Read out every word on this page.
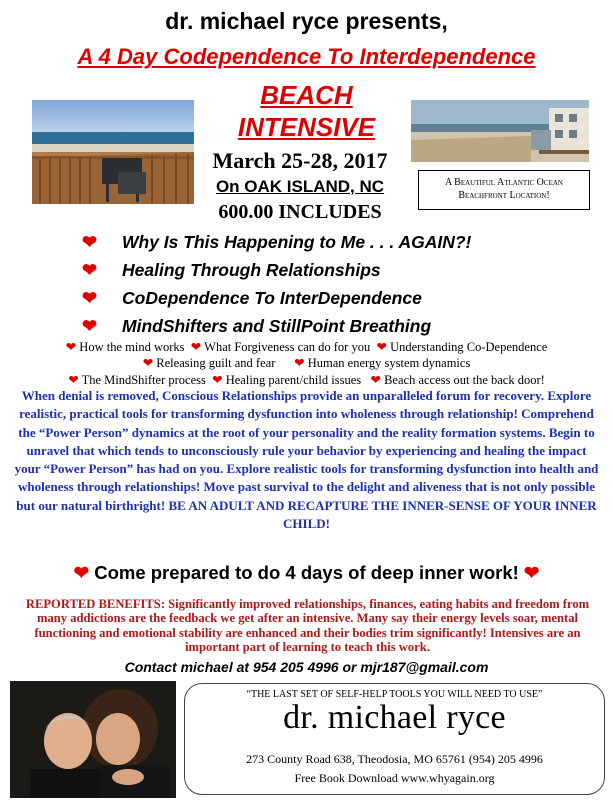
dr. michael ryce presents,
A 4 Day Codependence To Interdependence
BEACH
INTENSIVE
March 25-28, 2017
On OAK ISLAND, NC
600.00 INCLUDES
A Beautiful Atlantic Ocean
Beachfront Location!
❤ Why Is This Happening to Me . . . AGAIN?!
❤ Healing Through Relationships
❤ CoDependence To InterDependence
❤ MindShifters and StillPoint Breathing
❤ How the mind works ❤ What Forgiveness can do for you ❤ Understanding Co-Dependence
❤ Releasing guilt and fear ❤ Human energy system dynamics
❤ The MindShifter process ❤ Healing parent/child issues ❤ Beach access out the back door!
When denial is removed, Conscious Relationships provide an unparalleled forum for recovery. Explore realistic, practical tools for transforming dysfunction into wholeness through relationship! Comprehend the “Power Person” dynamics at the root of your personality and the reality formation systems. Begin to unravel that which tends to unconsciously rule your behavior by experiencing and healing the impact your “Power Person” has had on you. Explore realistic tools for transforming dysfunction into health and wholeness through relationships! Move past survival to the delight and aliveness that is not only possible but our natural birthright! BE AN ADULT AND RECAPTURE THE INNER-SENSE OF YOUR INNER CHILD!
❤ Come prepared to do 4 days of deep inner work! ❤
REPORTED BENEFITS: Significantly improved relationships, finances, eating habits and freedom from many addictions are the feedback we get after an intensive. Many say their energy levels soar, mental functioning and emotional stability are enhanced and their bodies trim significantly! Intensives are an important part of learning to teach this work.
Contact michael at 954 205 4996 or mjr187@gmail.com
“THE LAST SET OF SELF-HELP TOOLS YOU WILL NEED TO USE”
dr. michael ryce
273 County Road 638, Theodosia, MO 65761 (954) 205 4996
Free Book Download www.whyagain.org
